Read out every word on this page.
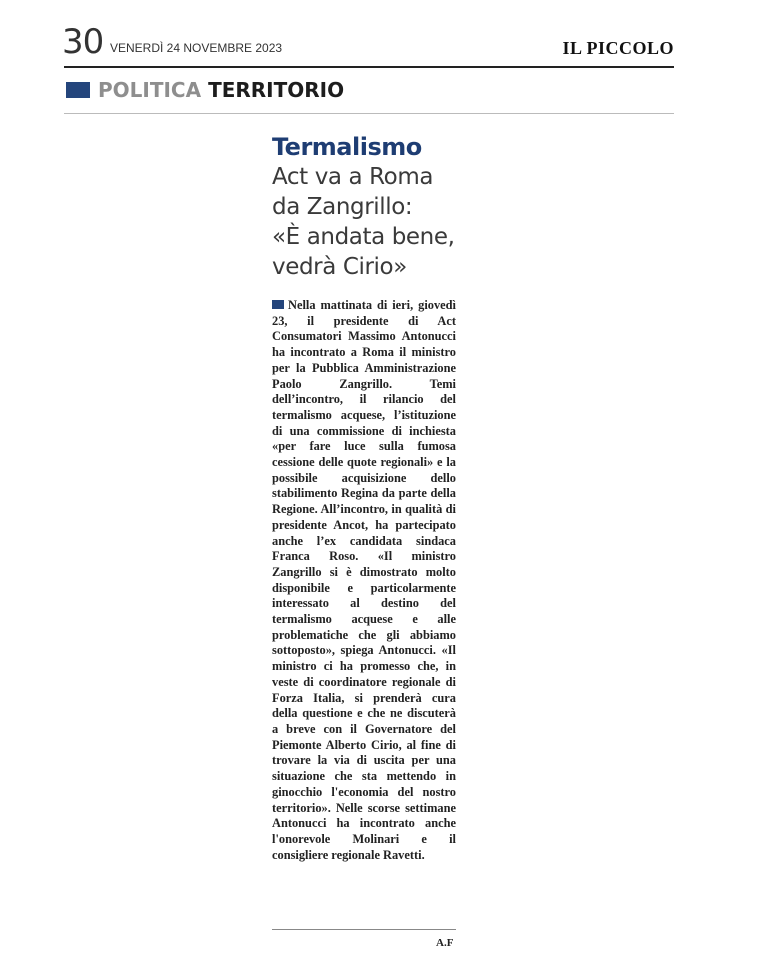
30 VENERDÌ 24 NOVEMBRE 2023	IL PICCOLO
POLITICA TERRITORIO
Termalismo
Act va a Roma
da Zangrillo:
«È andata bene,
vedrà Cirio»
Nella mattinata di ieri, giovedì 23, il presidente di Act Consumatori Massimo Antonucci ha incontrato a Roma il ministro per la Pubblica Amministrazione Paolo Zangrillo. Temi dell’incontro, il rilancio del termalismo acquese, l’istituzione di una commissione di inchiesta «per fare luce sulla fumosa cessione delle quote regionali» e la possibile acquisizione dello stabilimento Regina da parte della Regione. All’incontro, in qualità di presidente Ancot, ha partecipato anche l’ex candidata sindaca Franca Roso. «Il ministro Zangrillo si è dimostrato molto disponibile e particolarmente interessato al destino del termalismo acquese e alle problematiche che gli abbiamo sottoposto», spiega Antonucci. «Il ministro ci ha promesso che, in veste di coordinatore regionale di Forza Italia, si prenderà cura della questione e che ne discuterà a breve con il Governatore del Piemonte Alberto Cirio, al fine di trovare la via di uscita per una situazione che sta mettendo in ginocchio l'economia del nostro territorio». Nelle scorse settimane Antonucci ha incontrato anche l'onorevole Molinari e il consigliere regionale Ravetti.
A.F
